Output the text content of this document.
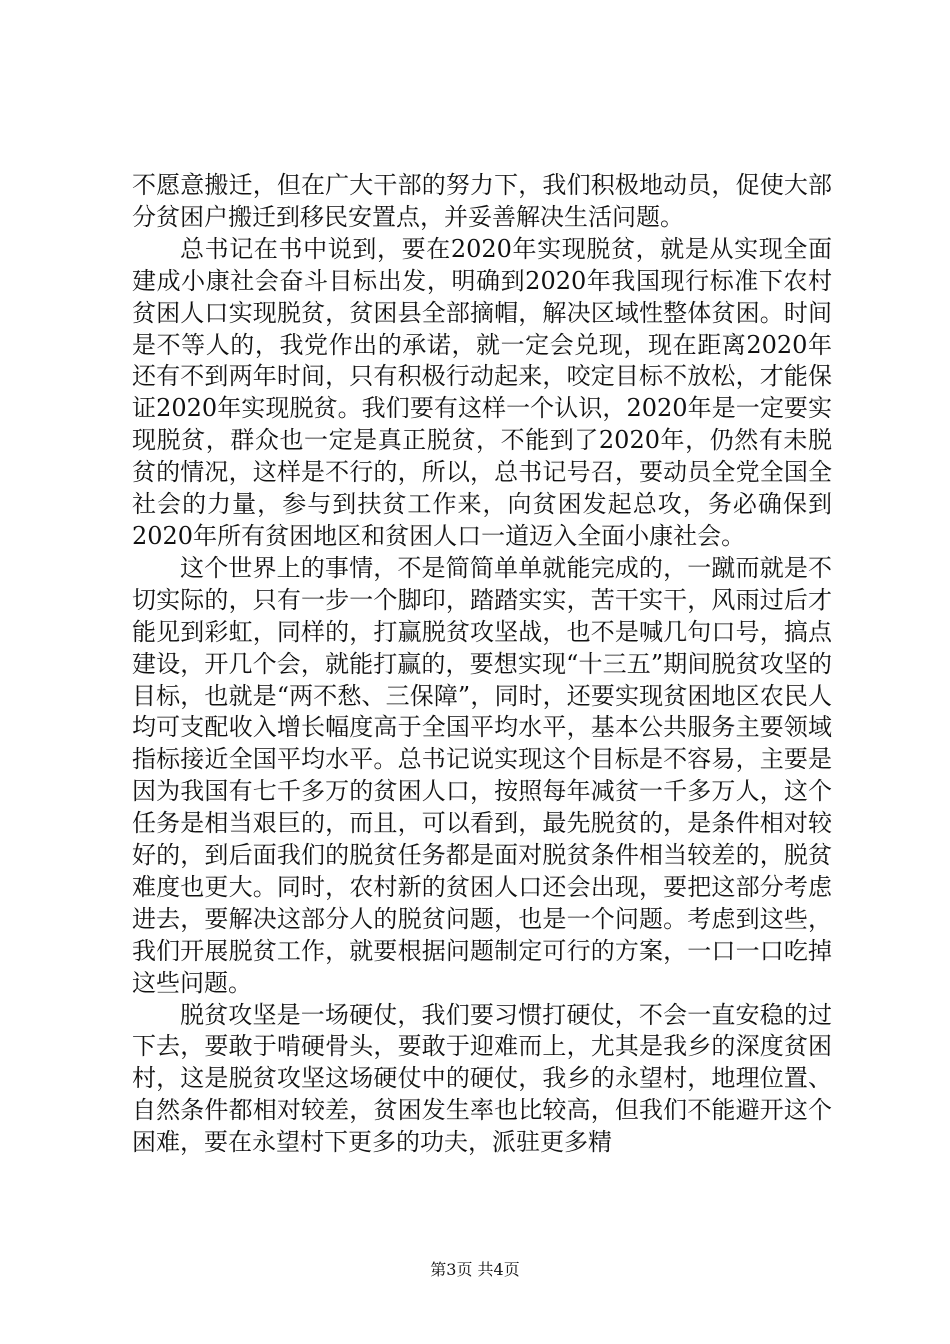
不愿意搬迁，但在广大干部的努力下，我们积极地动员，促使大部分贫困户搬迁到移民安置点，并妥善解决生活问题。

总书记在书中说到，要在2020年实现脱贫，就是从实现全面建成小康社会奋斗目标出发，明确到2020年我国现行标准下农村贫困人口实现脱贫，贫困县全部摘帽，解决区域性整体贫困。时间是不等人的，我党作出的承诺，就一定会兑现，现在距离2020年还有不到两年时间，只有积极行动起来，咬定目标不放松，才能保证2020年实现脱贫。我们要有这样一个认识，2020年是一定要实现脱贫，群众也一定是真正脱贫，不能到了2020年，仍然有未脱贫的情况，这样是不行的，所以，总书记号召，要动员全党全国全社会的力量，参与到扶贫工作来，向贫困发起总攻，务必确保到2020年所有贫困地区和贫困人口一道迈入全面小康社会。

这个世界上的事情，不是简简单单就能完成的，一蹴而就是不切实际的，只有一步一个脚印，踏踏实实，苦干实干，风雨过后才能见到彩虹，同样的，打赢脱贫攻坚战，也不是喊几句口号，搞点建设，开几个会，就能打赢的，要想实现“十三五”期间脱贫攻坚的目标，也就是“两不愁、三保障”，同时，还要实现贫困地区农民人均可支配收入增长幅度高于全国平均水平，基本公共服务主要领域指标接近全国平均水平。总书记说实现这个目标是不容易，主要是因为我国有七千多万的贫困人口，按照每年减贫一千多万人，这个任务是相当艰巨的，而且，可以看到，最先脱贫的，是条件相对较好的，到后面我们的脱贫任务都是面对脱贫条件相当较差的，脱贫难度也更大。同时，农村新的贫困人口还会出现，要把这部分考虑进去，要解决这部分人的脱贫问题，也是一个问题。考虑到这些，我们开展脱贫工作，就要根据问题制定可行的方案，一口一口吃掉这些问题。

脱贫攻坚是一场硬仗，我们要习惯打硬仗，不会一直安稳的过下去，要敢于啃硬骨头，要敢于迎难而上，尤其是我乡的深度贫困村，这是脱贫攻坚这场硬仗中的硬仗，我乡的永望村，地理位置、自然条件都相对较差，贫困发生率也比较高，但我们不能避开这个困难，要在永望村下更多的功夫，派驻更多精

第3页 共4页
